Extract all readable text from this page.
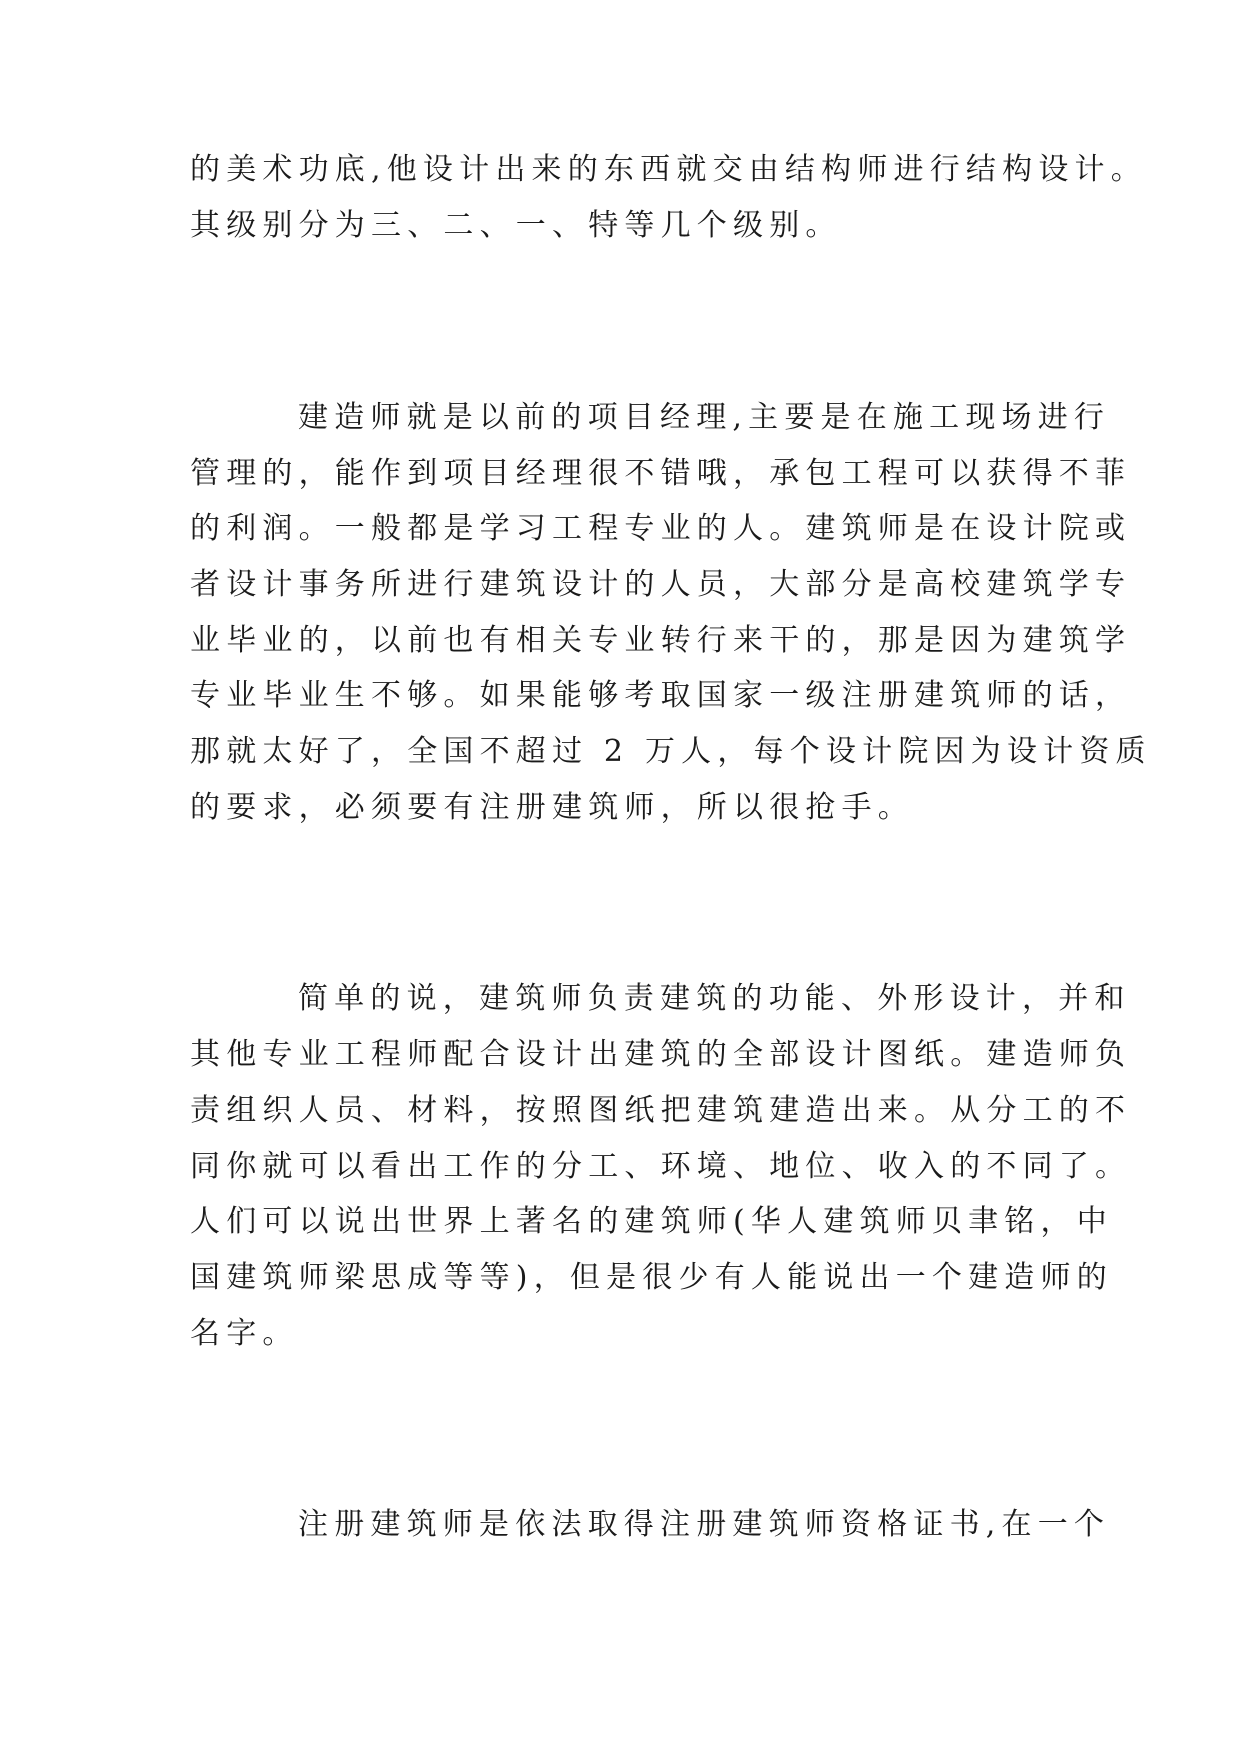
的美术功底,他设计出来的东西就交由结构师进行结构设计。
其级别分为三、二、一、特等几个级别。
建造师就是以前的项目经理,主要是在施工现场进行
管理的，能作到项目经理很不错哦，承包工程可以获得不菲
的利润。一般都是学习工程专业的人。建筑师是在设计院或
者设计事务所进行建筑设计的人员，大部分是高校建筑学专
业毕业的，以前也有相关专业转行来干的，那是因为建筑学
专业毕业生不够。如果能够考取国家一级注册建筑师的话，
那就太好了，全国不超过 2 万人，每个设计院因为设计资质
的要求，必须要有注册建筑师，所以很抢手。
简单的说，建筑师负责建筑的功能、外形设计，并和
其他专业工程师配合设计出建筑的全部设计图纸。建造师负
责组织人员、材料，按照图纸把建筑建造出来。从分工的不
同你就可以看出工作的分工、环境、地位、收入的不同了。
人们可以说出世界上著名的建筑师(华人建筑师贝聿铭，中
国建筑师梁思成等等)，但是很少有人能说出一个建造师的
名字。
注册建筑师是依法取得注册建筑师资格证书,在一个
